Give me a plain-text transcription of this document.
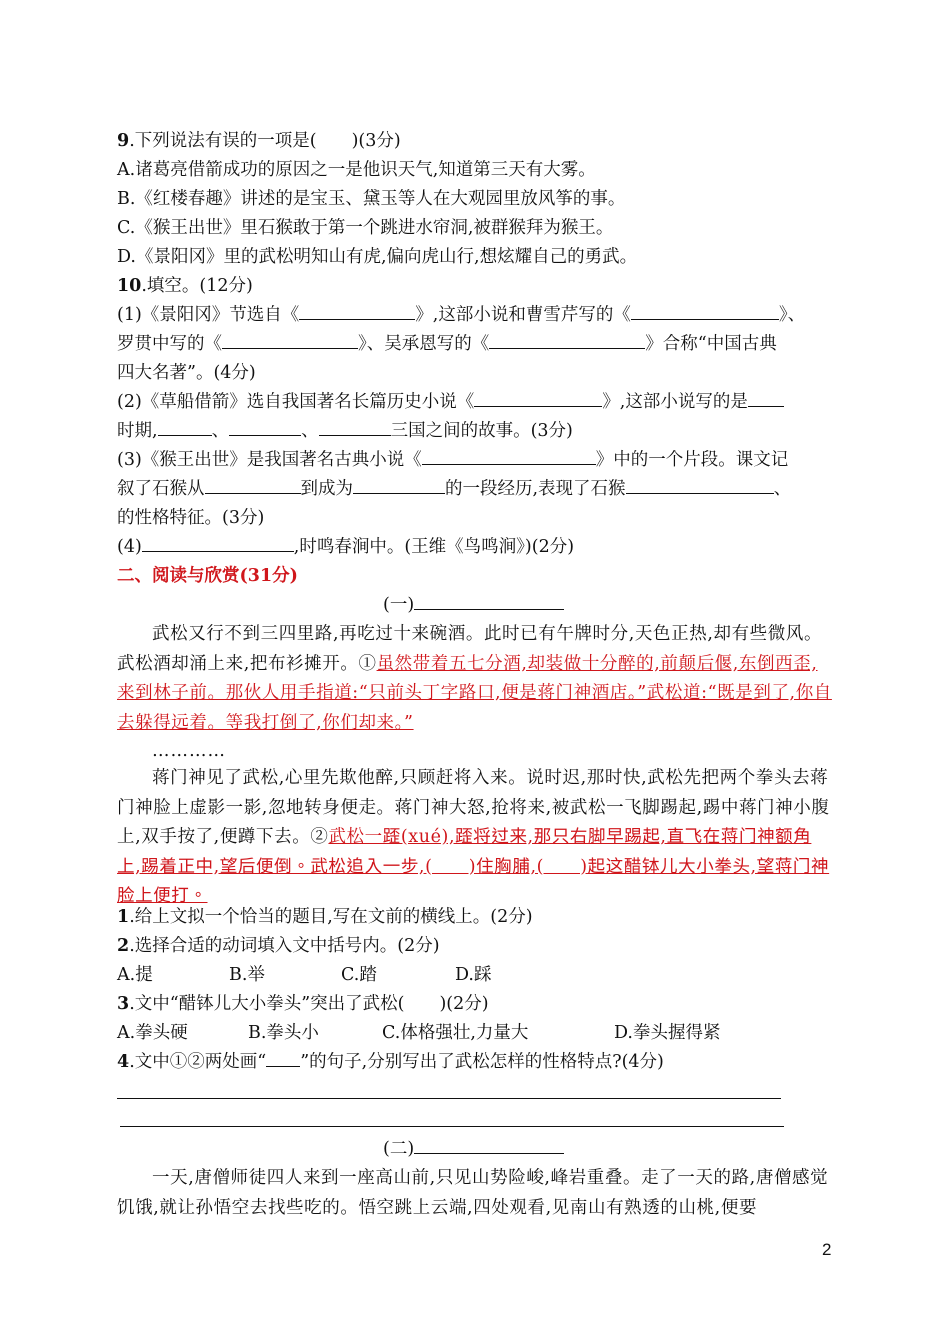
9.下列说法有误的一项是(　　)(3分)
A.诸葛亮借箭成功的原因之一是他识天气,知道第三天有大雾。
B.《红楼春趣》讲述的是宝玉、黛玉等人在大观园里放风筝的事。
C.《猴王出世》里石猴敢于第一个跳进水帘洞,被群猴拜为猴王。
D.《景阳冈》里的武松明知山有虎,偏向虎山行,想炫耀自己的勇武。
10.填空。(12分)
(1)《景阳冈》节选自《	》,这部小说和曹雪芹写的《	》、
罗贯中写的《	》、吴承恩写的《	》合称“中国古典
四大名著”。(4分)
(2)《草船借箭》选自我国著名长篇历史小说《	》,这部小说写的是
时期,	、	、	三国之间的故事。(3分)
(3)《猴王出世》是我国著名古典小说《	》中的一个片段。课文记
叙了石猴从	到成为	的一段经历,表现了石猴	、
的性格特征。(3分)
(4)	,时鸣春涧中。(王维《鸟鸣涧》)(2分)
二、阅读与欣赏(31分)
(一)
武松又行不到三四里路,再吃过十来碗酒。此时已有午牌时分,天色正热,却有些微风。武松酒却涌上来,把布衫摊开。①虽然带着五七分酒,却装做十分醉的,前颠后偃,东倒西歪,来到林子前。那伙人用手指道:“只前头丁字路口,便是蒋门神酒店。”武松道:“既是到了,你自去躲得远着。等我打倒了,你们却来。”
…………
蒋门神见了武松,心里先欺他醉,只顾赶将入来。说时迟,那时快,武松先把两个拳头去蒋门神脸上虚影一影,忽地转身便走。蒋门神大怒,抢将来,被武松一飞脚踢起,踢中蒋门神小腹上,双手按了,便蹲下去。②武松一𨂿(xué),𨂿将过来,那只右脚早踢起,直飞在蒋门神额角上,踢着正中,望后便倒。武松追入一步,(　　)住胸脯,(　　)起这醋钵儿大小拳头,望蒋门神脸上便打。
1.给上文拟一个恰当的题目,写在文前的横线上。(2分)
2.选择合适的动词填入文中括号内。(2分)
A.提	B.举	C.踏	D.踩
3.文中“醋钵儿大小拳头”突出了武松(　　)(2分)
A.拳头硬	B.拳头小	C.体格强壮,力量大	D.拳头握得紧
4.文中①②两处画“ ”的句子,分别写出了武松怎样的性格特点?(4分)
(二)
一天,唐僧师徒四人来到一座高山前,只见山势险峻,峰岩重叠。走了一天的路,唐僧感觉饥饿,就让孙悟空去找些吃的。悟空跳上云端,四处观看,见南山有熟透的山桃,便要
2
